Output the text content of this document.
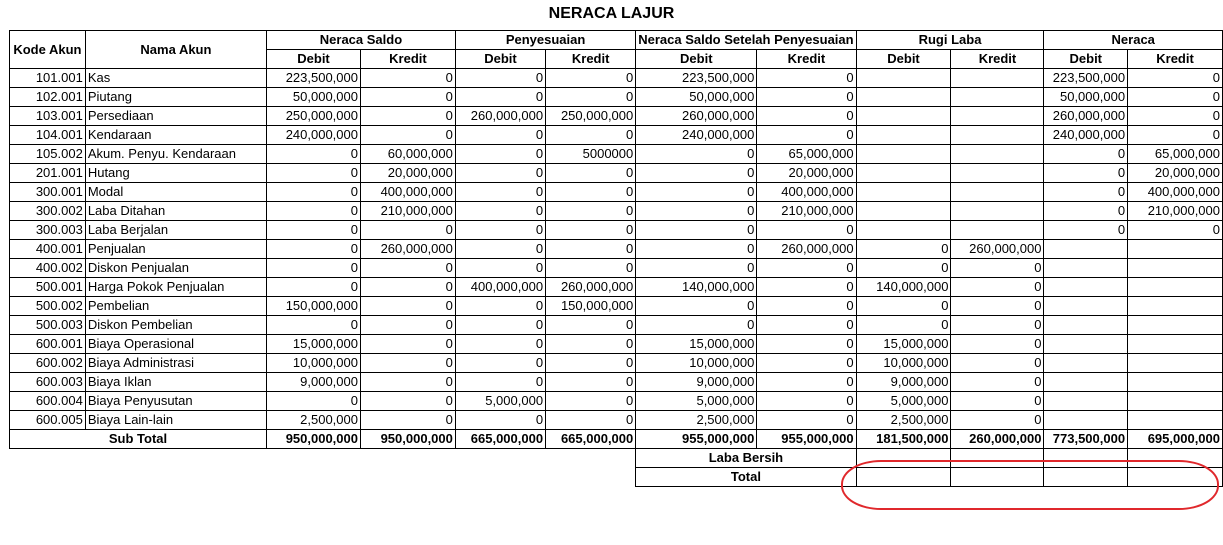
NERACA LAJUR
Kode Akun	Nama Akun	Neraca Saldo		Penyesuaian		Neraca Saldo Setelah Penyesuaian		Rugi Laba		Neraca	
		Debit	Kredit	Debit	Kredit	Debit	Kredit	Debit	Kredit	Debit	Kredit
101.001	Kas	223,500,000	0	0	0	223,500,000	0			223,500,000	0
102.001	Piutang	50,000,000	0	0	0	50,000,000	0			50,000,000	0
103.001	Persediaan	250,000,000	0	260,000,000	250,000,000	260,000,000	0			260,000,000	0
104.001	Kendaraan	240,000,000	0	0	0	240,000,000	0			240,000,000	0
105.002	Akum. Penyu. Kendaraan	0	60,000,000	0	5000000	0	65,000,000			0	65,000,000
201.001	Hutang	0	20,000,000	0	0	0	20,000,000			0	20,000,000
300.001	Modal	0	400,000,000	0	0	0	400,000,000			0	400,000,000
300.002	Laba Ditahan	0	210,000,000	0	0	0	210,000,000			0	210,000,000
300.003	Laba Berjalan	0	0	0	0	0	0			0	0
400.001	Penjualan	0	260,000,000	0	0	0	260,000,000	0	260,000,000		
400.002	Diskon Penjualan	0	0	0	0	0	0	0	0		
500.001	Harga Pokok Penjualan	0	0	400,000,000	260,000,000	140,000,000	0	140,000,000	0		
500.002	Pembelian	150,000,000	0	0	150,000,000	0	0	0	0		
500.003	Diskon Pembelian	0	0	0	0	0	0	0	0		
600.001	Biaya Operasional	15,000,000	0	0	0	15,000,000	0	15,000,000	0		
600.002	Biaya Administrasi	10,000,000	0	0	0	10,000,000	0	10,000,000	0		
600.003	Biaya Iklan	9,000,000	0	0	0	9,000,000	0	9,000,000	0		
600.004	Biaya Penyusutan	0	0	5,000,000	0	5,000,000	0	5,000,000	0		
600.005	Biaya Lain-lain	2,500,000	0	0	0	2,500,000	0	2,500,000	0		
Sub Total		950,000,000	950,000,000	665,000,000	665,000,000	955,000,000	955,000,000	181,500,000	260,000,000	773,500,000	695,000,000
						Laba Bersih					
						Total					
